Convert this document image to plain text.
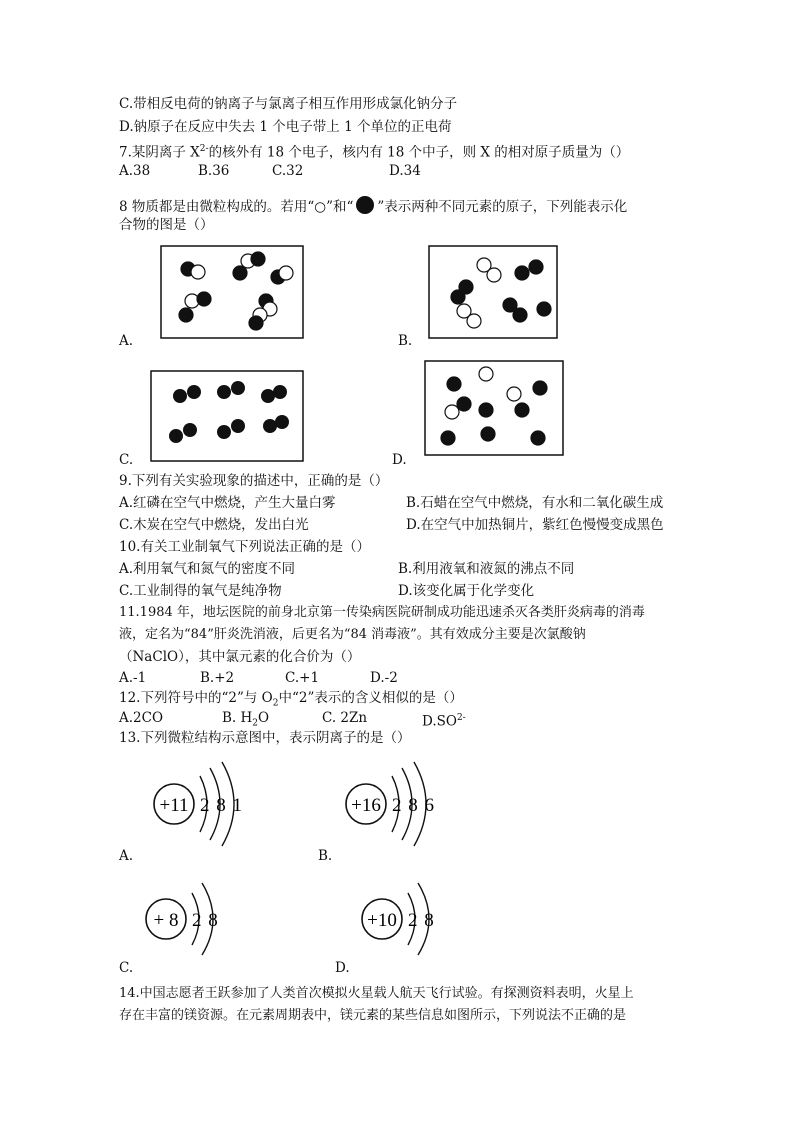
C.带相反电荷的钠离子与氯离子相互作用形成氯化钠分子
D.钠原子在反应中失去 1 个电子带上 1 个单位的正电荷
7.某阴离子 $X^{2-}$的核外有 18 个电子，核内有 18 个中子，则 X 的相对原子质量为（）
A.38	B.36	C.32	D.34
8 物质都是由微粒构成的。若用“○”和“ ”表示两种不同元素的原子，下列能表示化
合物的图是（）
A.	B.
C.	D.
9.下列有关实验现象的描述中，正确的是（）
A.红磷在空气中燃烧，产生大量白雾	B.石蜡在空气中燃烧，有水和二氧化碳生成
C.木炭在空气中燃烧，发出白光	D.在空气中加热铜片，紫红色慢慢变成黑色
10.有关工业制氧气下列说法正确的是（）
A.利用氧气和氮气的密度不同	B.利用液氧和液氮的沸点不同
C.工业制得的氧气是纯净物	D.该变化属于化学变化
11.1984 年，地坛医院的前身北京第一传染病医院研制成功能迅速杀灭各类肝炎病毒的消毒
液，定名为“84”肝炎洗消液，后更名为“84 消毒液”。其有效成分主要是次氯酸钠
（NaClO），其中氯元素的化合价为（）
A.-1	B.+2	C.+1	D.-2
12.下列符号中的“2”与 $O_2$中“2”表示的含义相似的是（）
A.2CO	B. $H_2O$	C. 2Zn	$D.SO^{2-}$
13.下列微粒结构示意图中，表示阴离子的是（）
+11 2 8 1
A.
+16 2 8 6
B.
+ 8 2 8
C.
+10 2 8
D.
14.中国志愿者王跃参加了人类首次模拟火星载人航天飞行试验。有探测资料表明，火星上
存在丰富的镁资源。在元素周期表中，镁元素的某些信息如图所示，下列说法不正确的是
